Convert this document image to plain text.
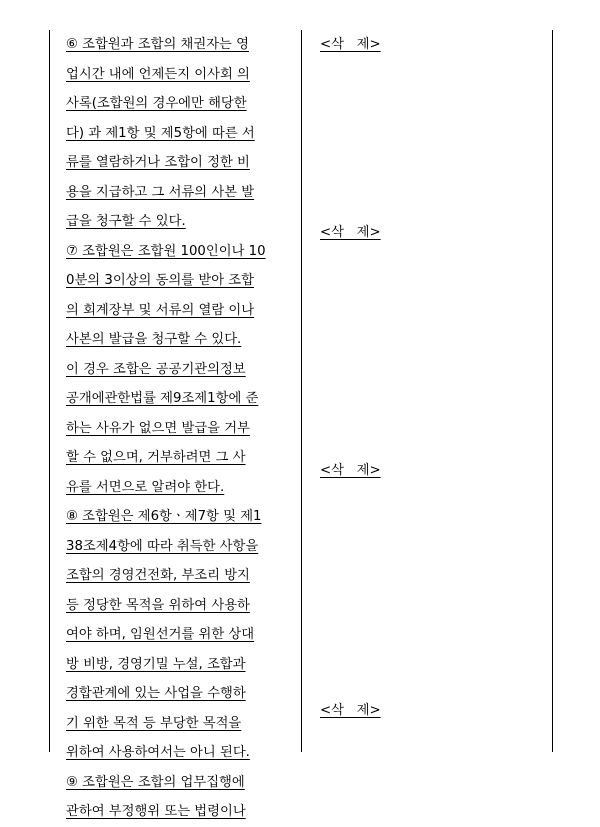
⑥ 조합원과 조합의 채권자는 영
업시간 내에 언제든지 이사회 의
사록(조합원의 경우에만 해당한
다) 과 제1항 및 제5항에 따른 서
류를 열람하거나 조합이 정한 비
용을 지급하고 그 서류의 사본 발
급을 청구할 수 있다.
⑦ 조합원은 조합원 100인이나 10
0분의 3이상의 동의를 받아 조합
의 회계장부 및 서류의 열람 이나
사본의 발급을 청구할 수 있다.
이 경우 조합은 공공기관의정보
공개에관한법률 제9조제1항에 준
하는 사유가 없으면 발급을 거부
할 수 없으며, 거부하려면 그 사
유를 서면으로 알려야 한다.
⑧ 조합원은 제6항ㆍ제7항 및 제1
38조제4항에 따라 취득한 사항을
조합의 경영건전화, 부조리 방지
등 정당한 목적을 위하여 사용하
여야 하며, 임원선거를 위한 상대
방 비방, 경영기밀 누설, 조합과
경합관계에 있는 사업을 수행하
기 위한 목적 등 부당한 목적을
위하여 사용하여서는 아니 된다.
⑨ 조합원은 조합의 업무집행에
관하여 부정행위 또는 법령이나
<삭   제>
<삭   제>
<삭   제>
<삭   제>
